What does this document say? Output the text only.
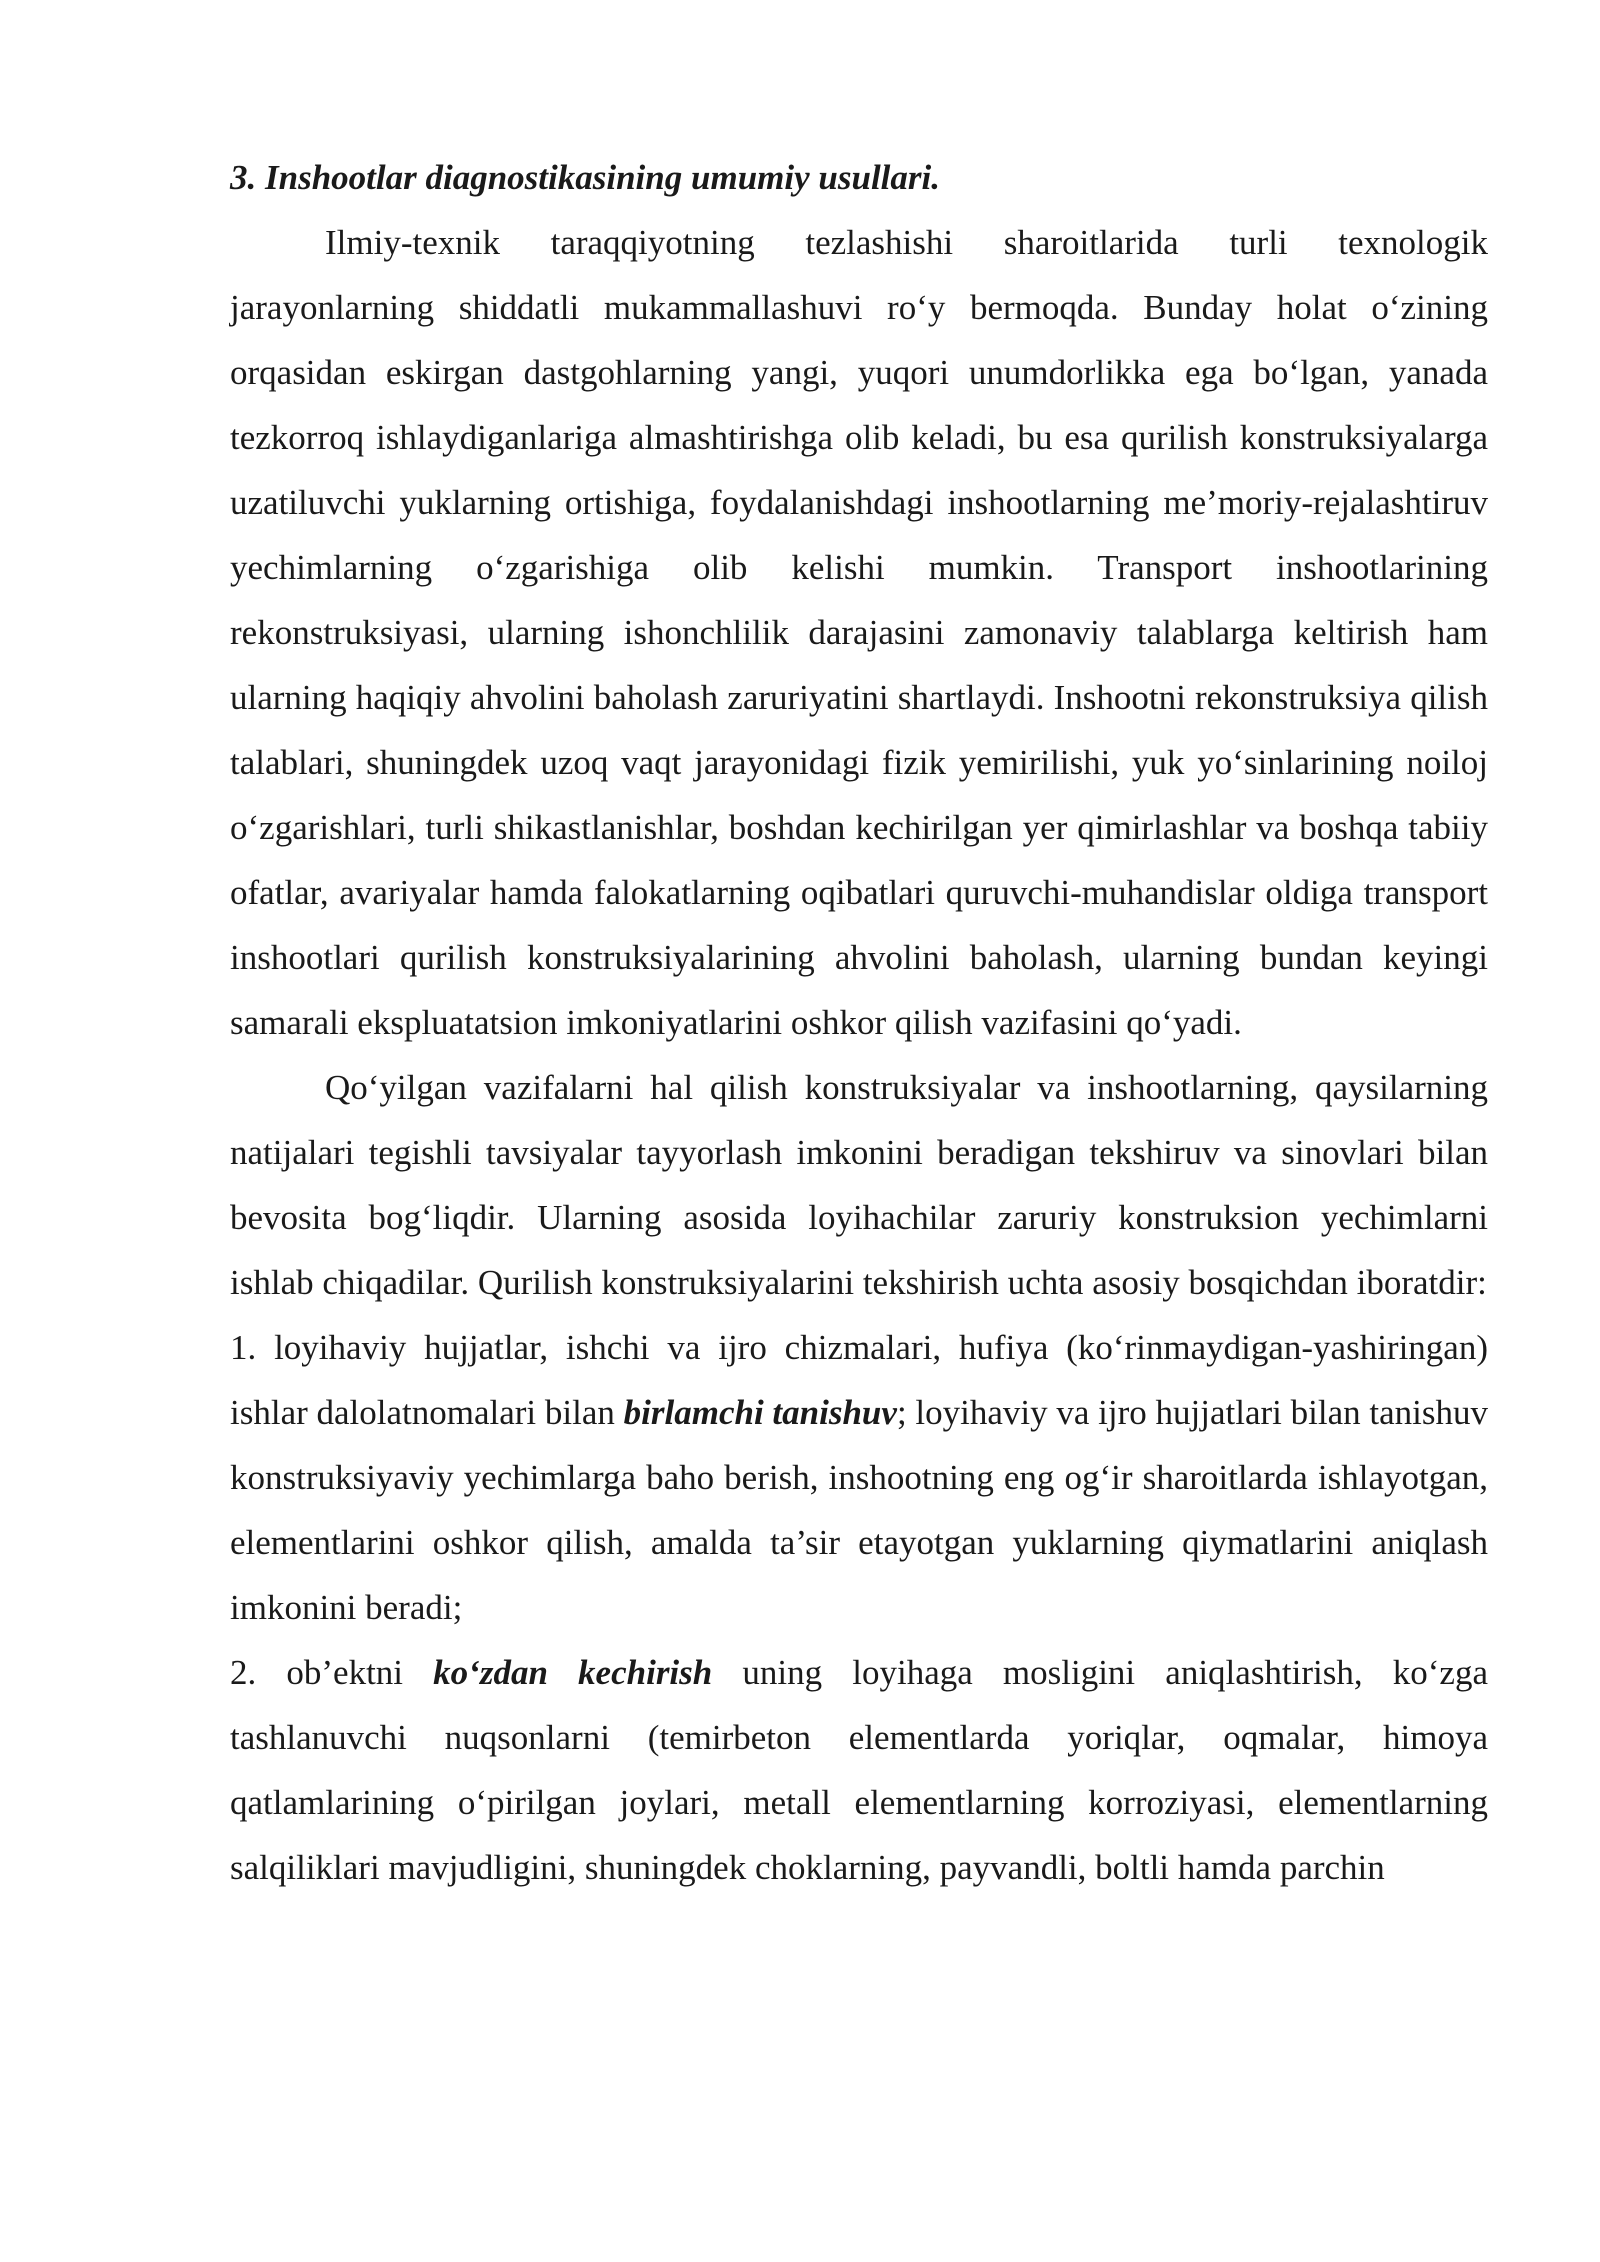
3. Inshootlar diagnostikasining umumiy usullari.

Ilmiy-texnik taraqqiyotning tezlashishi sharoitlarida turli texnologik jarayonlarning shiddatli mukammallashuvi ro‘y bermoqda. Bunday holat o‘zining orqasidan eskirgan dastgohlarning yangi, yuqori unumdorlikka ega bo‘lgan, yanada tezkorroq ishlaydiganlariga almashtirishga olib keladi, bu esa qurilish konstruksiyalarga uzatiluvchi yuklarning ortishiga, foydalanishdagi inshootlarning me’moriy-rejalashtiruv yechimlarning o‘zgarishiga olib kelishi mumkin. Transport inshootlarining rekonstruksiyasi, ularning ishonchlilik darajasini zamonaviy talablarga keltirish ham ularning haqiqiy ahvolini baholash zaruriyatini shartlaydi. Inshootni rekonstruksiya qilish talablari, shuningdek uzoq vaqt jarayonidagi fizik yemirilishi, yuk yo‘sinlarining noiloj o‘zgarishlari, turli shikastlanishlar, boshdan kechirilgan yer qimirlashlar va boshqa tabiiy ofatlar, avariyalar hamda falokatlarning oqibatlari quruvchi-muhandislar oldiga transport inshootlari qurilish konstruksiyalarining ahvolini baholash, ularning bundan keyingi samarali ekspluatatsion imkoniyatlarini oshkor qilish vazifasini qo‘yadi.

Qo‘yilgan vazifalarni hal qilish konstruksiyalar va inshootlarning, qaysilarning natijalari tegishli tavsiyalar tayyorlash imkonini beradigan tekshiruv va sinovlari bilan bevosita bog‘liqdir. Ularning asosida loyihachilar zaruriy konstruksion yechimlarni ishlab chiqadilar. Qurilish konstruksiyalarini tekshirish uchta asosiy bosqichdan iboratdir:

1. loyihaviy hujjatlar, ishchi va ijro chizmalari, hufiya (ko‘rinmaydigan-yashiringan) ishlar dalolatnomalari bilan birlamchi tanishuv; loyihaviy va ijro hujjatlari bilan tanishuv konstruksiyaviy yechimlarga baho berish, inshootning eng og‘ir sharoitlarda ishlayotgan, elementlarini oshkor qilish, amalda ta’sir etayotgan yuklarning qiymatlarini aniqlash imkonini beradi;

2. ob’ektni ko‘zdan kechirish uning loyihaga mosligini aniqlashtirish, ko‘zga tashlanuvchi nuqsonlarni (temirbeton elementlarda yoriqlar, oqmalar, himoya qatlamlarining o‘pirilgan joylari, metall elementlarning korroziyasi, elementlarning salqiliklari mavjudligini, shuningdek choklarning, payvandli, boltli hamda parchin
